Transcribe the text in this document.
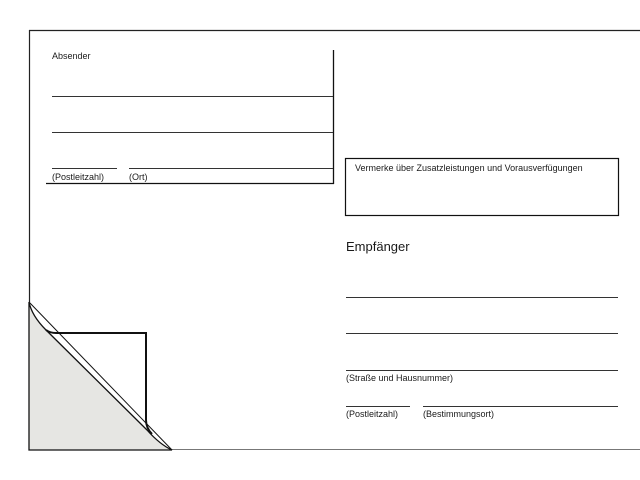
Absender
(Postleitzahl)	(Ort)
Vermerke über Zusatzleistungen und Vorausverfügungen
Empfänger
(Straße und Hausnummer)
(Postleitzahl)	(Bestimmungsort)
